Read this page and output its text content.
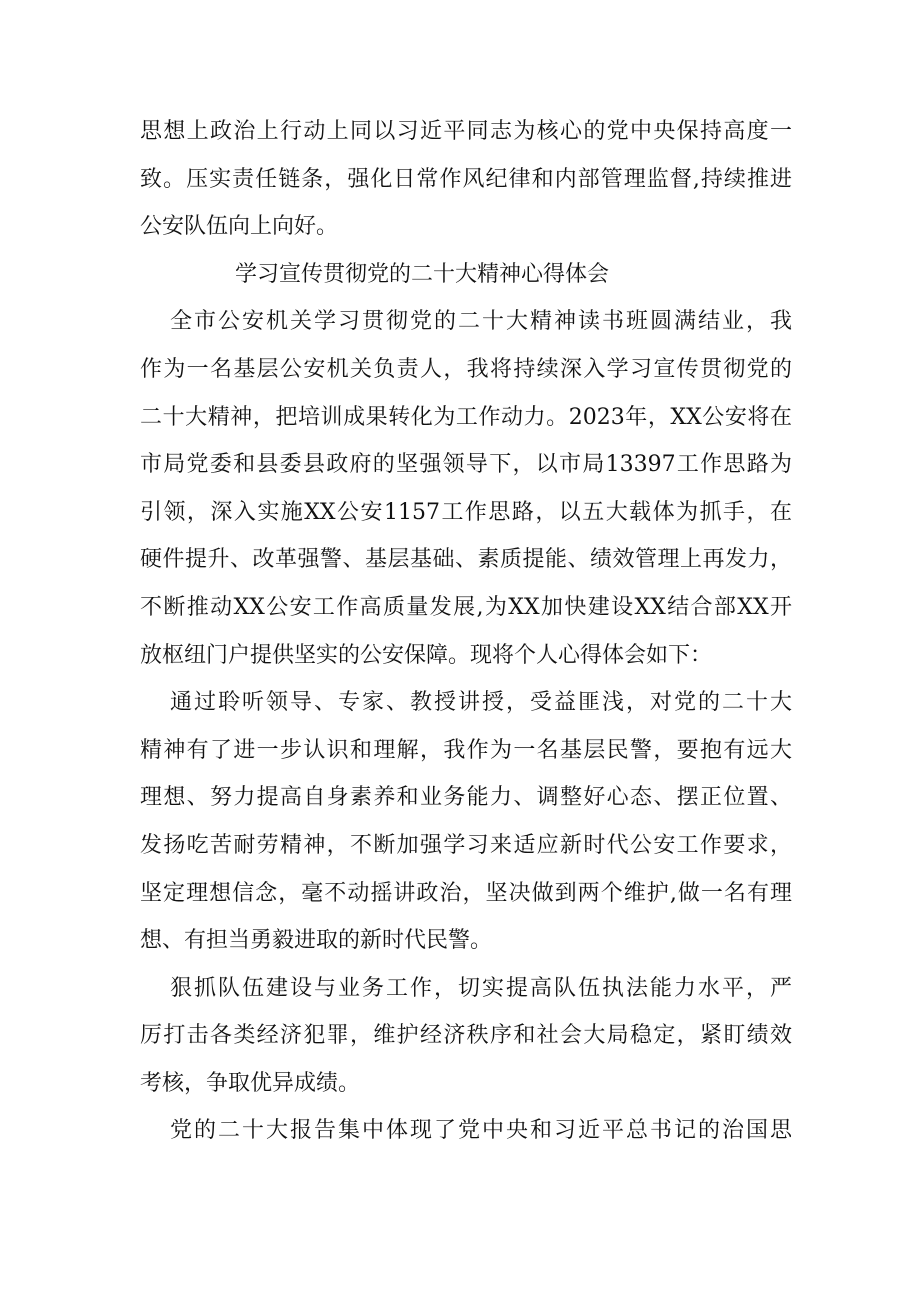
思想上政治上行动上同以习近平同志为核心的党中央保持高度一
致。压实责任链条，强化日常作风纪律和内部管理监督,持续推进
公安队伍向上向好。
学习宣传贯彻党的二十大精神心得体会
全市公安机关学习贯彻党的二十大精神读书班圆满结业，我
作为一名基层公安机关负责人，我将持续深入学习宣传贯彻党的
二十大精神，把培训成果转化为工作动力。2023年，XX公安将在
市局党委和县委县政府的坚强领导下，以市局13397工作思路为
引领，深入实施XX公安1157工作思路，以五大载体为抓手，在
硬件提升、改革强警、基层基础、素质提能、绩效管理上再发力，
不断推动XX公安工作高质量发展,为XX加快建设XX结合部XX开
放枢纽门户提供坚实的公安保障。现将个人心得体会如下：
通过聆听领导、专家、教授讲授，受益匪浅，对党的二十大
精神有了进一步认识和理解，我作为一名基层民警，要抱有远大
理想、努力提高自身素养和业务能力、调整好心态、摆正位置、
发扬吃苦耐劳精神，不断加强学习来适应新时代公安工作要求，
坚定理想信念，毫不动摇讲政治，坚决做到两个维护,做一名有理
想、有担当勇毅进取的新时代民警。
狠抓队伍建设与业务工作，切实提高队伍执法能力水平，严
厉打击各类经济犯罪，维护经济秩序和社会大局稳定，紧盯绩效
考核，争取优异成绩。
党的二十大报告集中体现了党中央和习近平总书记的治国思
